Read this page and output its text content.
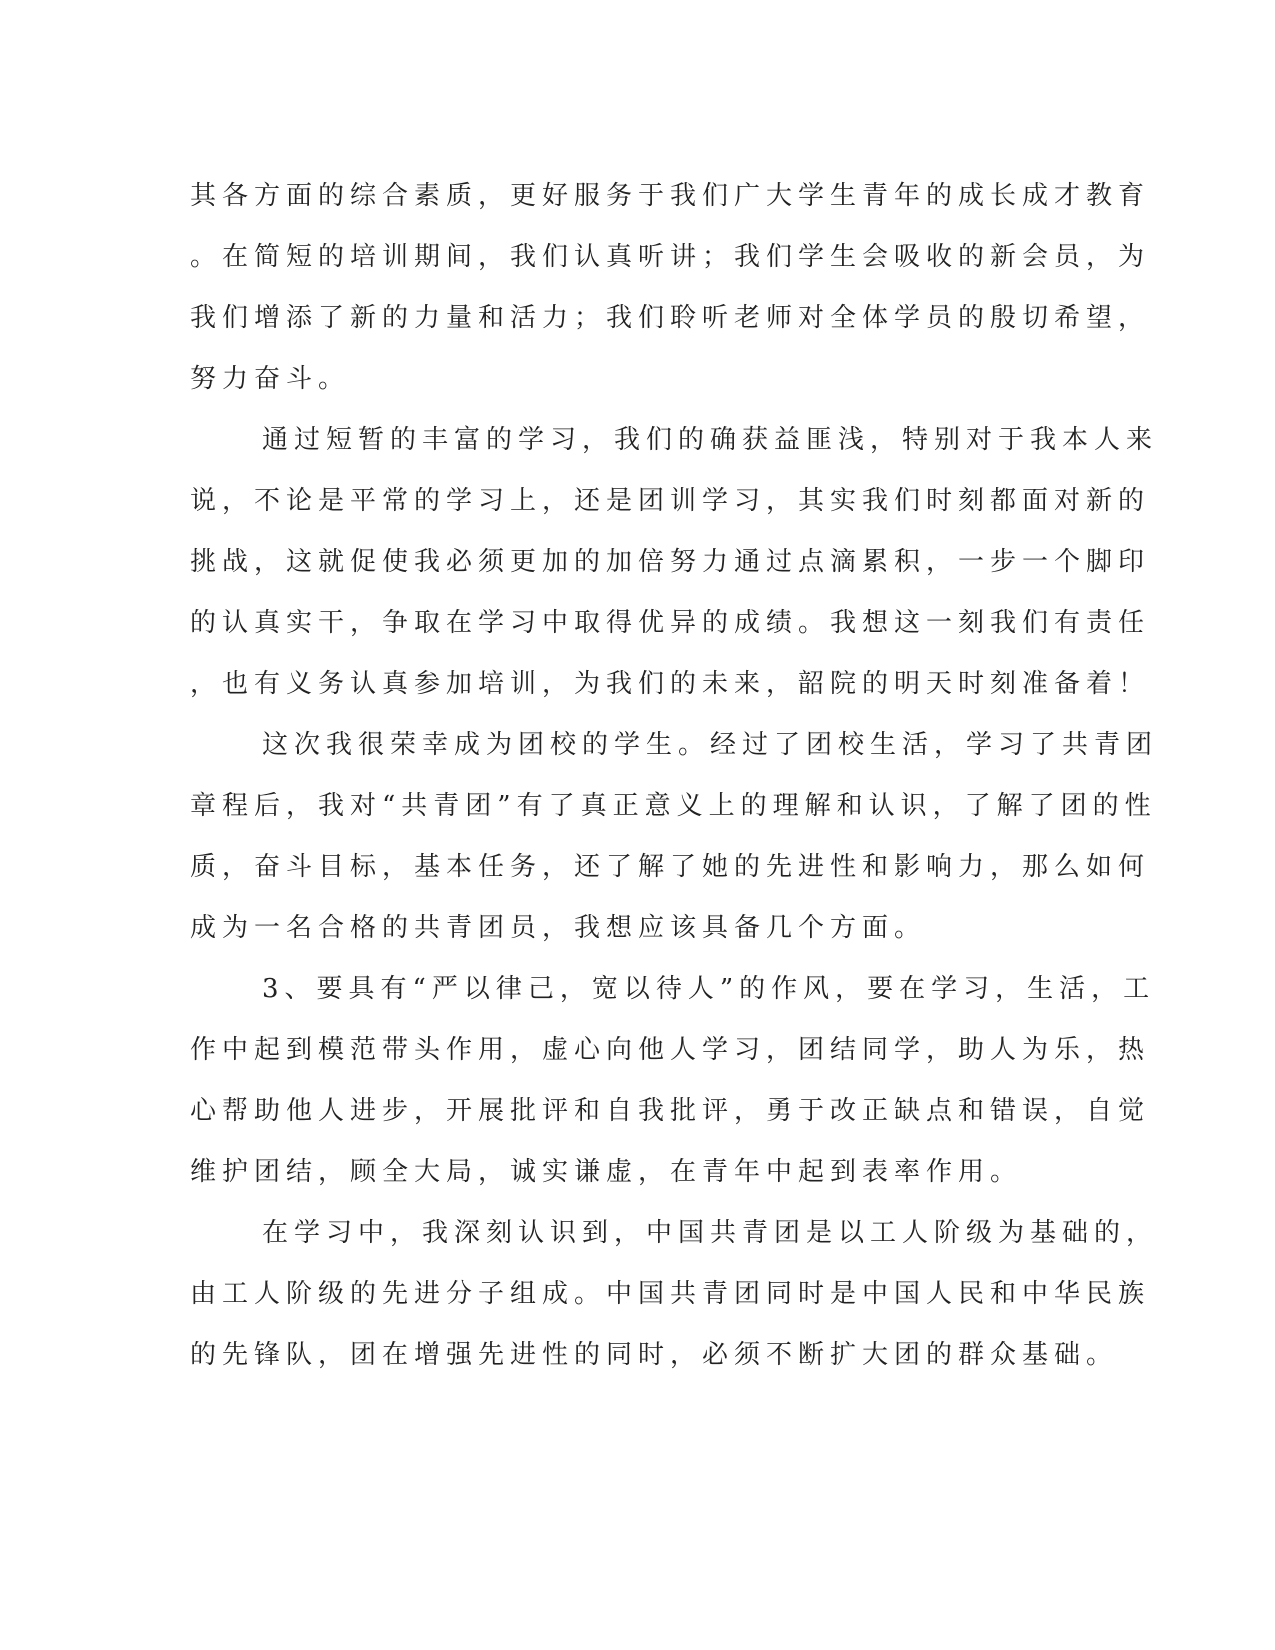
其各方面的综合素质，更好服务于我们广大学生青年的成长成才教育
。在简短的培训期间，我们认真听讲；我们学生会吸收的新会员，为
我们增添了新的力量和活力；我们聆听老师对全体学员的殷切希望，
努力奋斗。
通过短暂的丰富的学习，我们的确获益匪浅，特别对于我本人来
说，不论是平常的学习上，还是团训学习，其实我们时刻都面对新的
挑战，这就促使我必须更加的加倍努力通过点滴累积，一步一个脚印
的认真实干，争取在学习中取得优异的成绩。我想这一刻我们有责任
，也有义务认真参加培训，为我们的未来，韶院的明天时刻准备着！
这次我很荣幸成为团校的学生。经过了团校生活，学习了共青团
章程后，我对“共青团”有了真正意义上的理解和认识，了解了团的性
质，奋斗目标，基本任务，还了解了她的先进性和影响力，那么如何
成为一名合格的共青团员，我想应该具备几个方面。
3、要具有“严以律己，宽以待人”的作风，要在学习，生活，工
作中起到模范带头作用，虚心向他人学习，团结同学，助人为乐，热
心帮助他人进步，开展批评和自我批评，勇于改正缺点和错误，自觉
维护团结，顾全大局，诚实谦虚，在青年中起到表率作用。
在学习中，我深刻认识到，中国共青团是以工人阶级为基础的，
由工人阶级的先进分子组成。中国共青团同时是中国人民和中华民族
的先锋队，团在增强先进性的同时，必须不断扩大团的群众基础。
